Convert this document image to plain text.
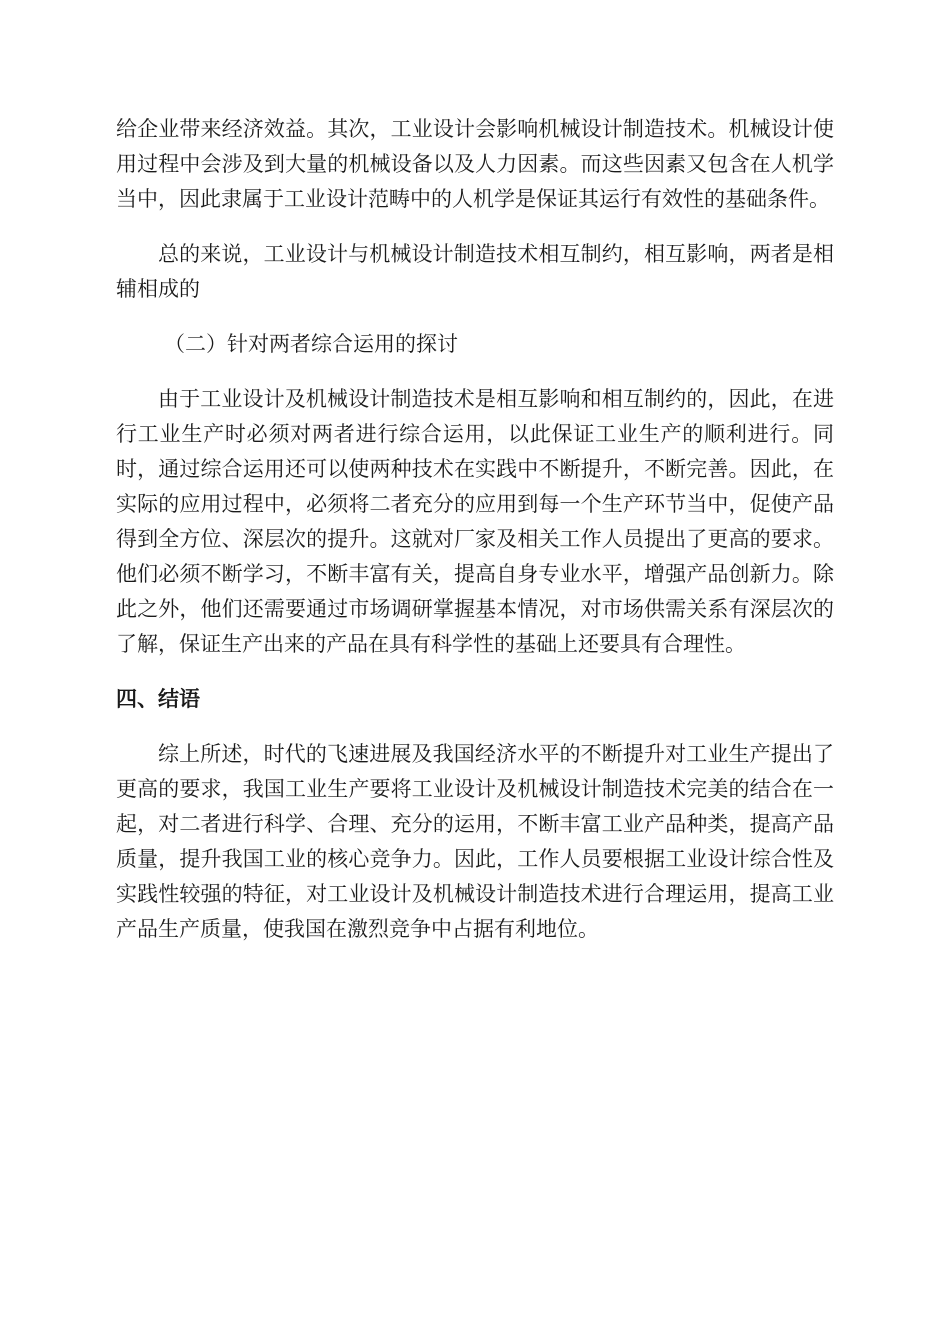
给企业带来经济效益。其次，工业设计会影响机械设计制造技术。机械设计使用过程中会涉及到大量的机械设备以及人力因素。而这些因素又包含在人机学当中，因此隶属于工业设计范畴中的人机学是保证其运行有效性的基础条件。

总的来说，工业设计与机械设计制造技术相互制约，相互影响，两者是相辅相成的

（二）针对两者综合运用的探讨

由于工业设计及机械设计制造技术是相互影响和相互制约的，因此，在进行工业生产时必须对两者进行综合运用，以此保证工业生产的顺利进行。同时，通过综合运用还可以使两种技术在实践中不断提升，不断完善。因此，在实际的应用过程中，必须将二者充分的应用到每一个生产环节当中，促使产品得到全方位、深层次的提升。这就对厂家及相关工作人员提出了更高的要求。他们必须不断学习，不断丰富有关，提高自身专业水平，增强产品创新力。除此之外，他们还需要通过市场调研掌握基本情况，对市场供需关系有深层次的了解，保证生产出来的产品在具有科学性的基础上还要具有合理性。

四、结语

综上所述，时代的飞速进展及我国经济水平的不断提升对工业生产提出了更高的要求，我国工业生产要将工业设计及机械设计制造技术完美的结合在一起，对二者进行科学、合理、充分的运用，不断丰富工业产品种类，提高产品质量，提升我国工业的核心竞争力。因此，工作人员要根据工业设计综合性及实践性较强的特征，对工业设计及机械设计制造技术进行合理运用，提高工业产品生产质量，使我国在激烈竞争中占据有利地位。
